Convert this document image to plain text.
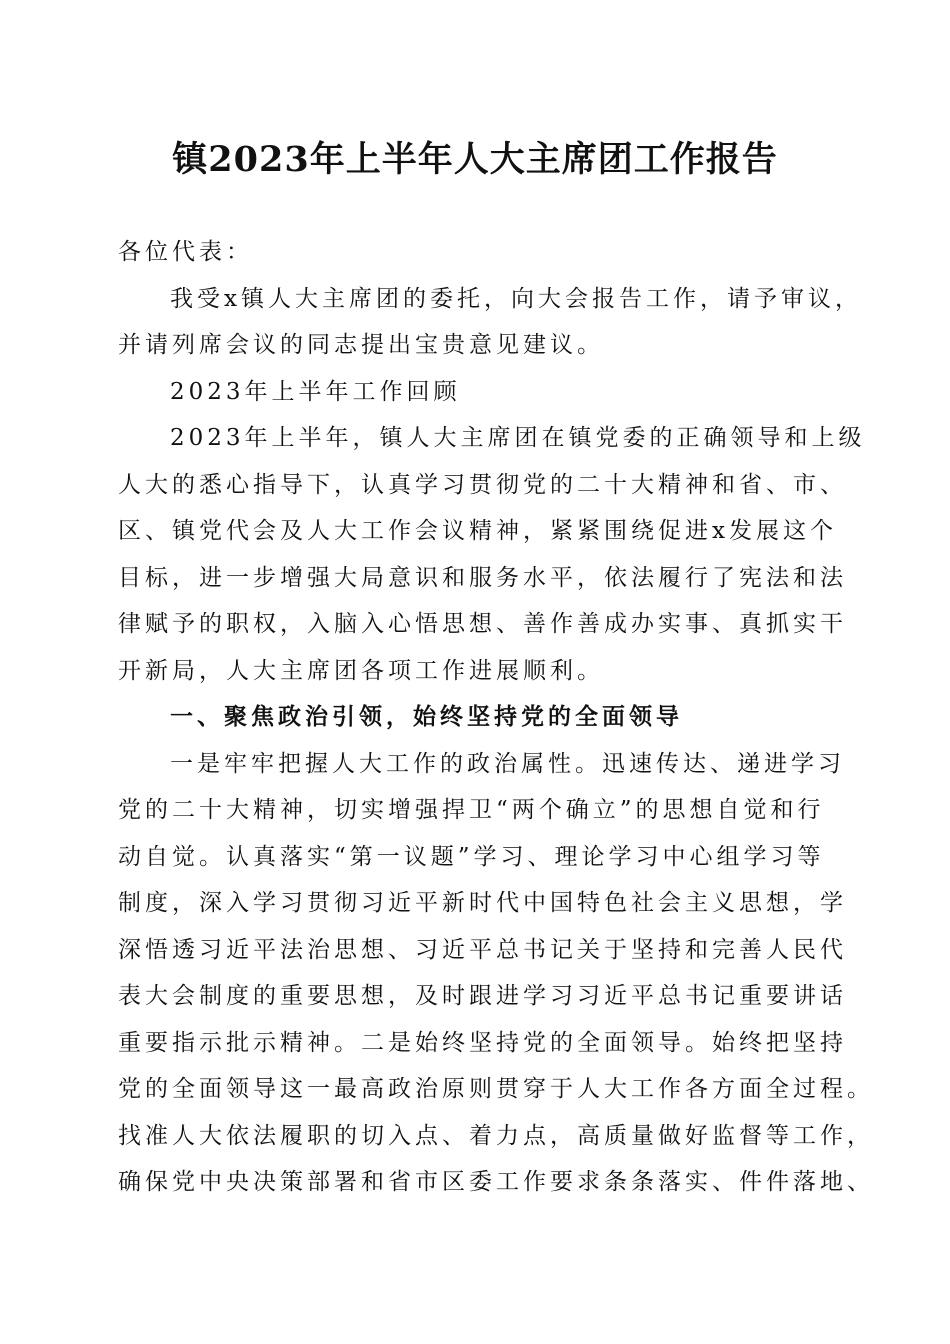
镇2023年上半年人大主席团工作报告
各位代表：
我受x镇人大主席团的委托，向大会报告工作，请予审议，
并请列席会议的同志提出宝贵意见建议。
2023年上半年工作回顾
2023年上半年，镇人大主席团在镇党委的正确领导和上级
人大的悉心指导下，认真学习贯彻党的二十大精神和省、市、
区、镇党代会及人大工作会议精神，紧紧围绕促进x发展这个
目标，进一步增强大局意识和服务水平，依法履行了宪法和法
律赋予的职权，入脑入心悟思想、善作善成办实事、真抓实干
开新局，人大主席团各项工作进展顺利。
一、聚焦政治引领，始终坚持党的全面领导
一是牢牢把握人大工作的政治属性。迅速传达、递进学习
党的二十大精神，切实增强捍卫“两个确立”的思想自觉和行
动自觉。认真落实“第一议题”学习、理论学习中心组学习等
制度，深入学习贯彻习近平新时代中国特色社会主义思想，学
深悟透习近平法治思想、习近平总书记关于坚持和完善人民代
表大会制度的重要思想，及时跟进学习习近平总书记重要讲话
重要指示批示精神。二是始终坚持党的全面领导。始终把坚持
党的全面领导这一最高政治原则贯穿于人大工作各方面全过程。
找准人大依法履职的切入点、着力点，高质量做好监督等工作，
确保党中央决策部署和省市区委工作要求条条落实、件件落地、
